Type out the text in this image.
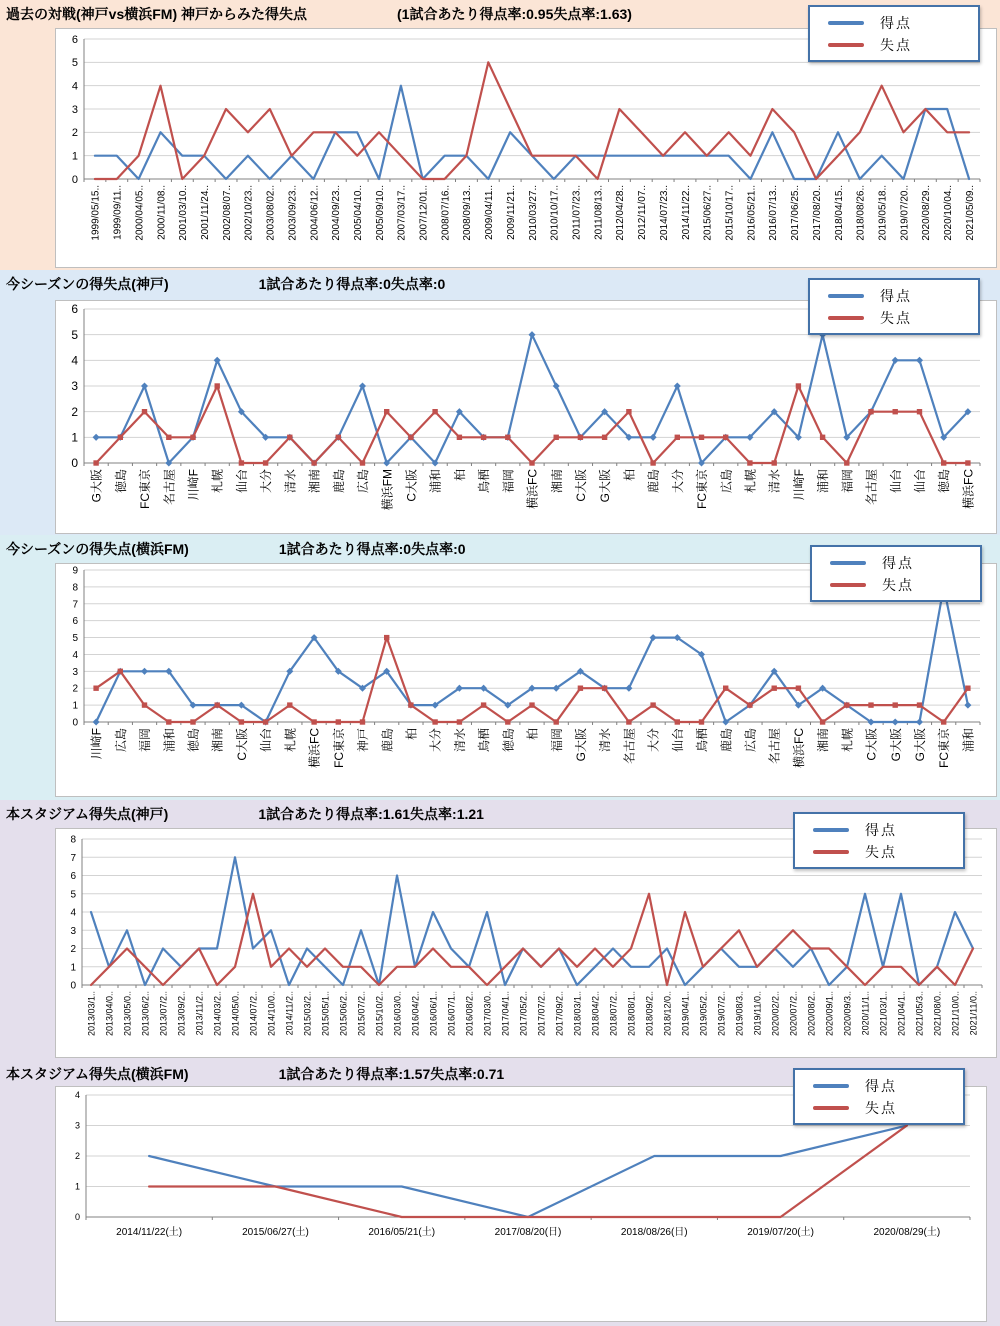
過去の対戦(神戸vs横浜FM) 神戸からみた得失点	(1試合あたり得点率:0.95失点率:1.63)
0
1
2
3
4
5
6
1999/05/15.. 1999/09/11.. 2000/04/05.. 2000/11/08.. 2001/03/10.. 2001/11/24.. 2002/08/07.. 2002/10/23.. 2003/08/02.. 2003/09/23.. 2004/06/12.. 2004/09/23.. 2005/04/10.. 2005/09/10.. 2007/03/17.. 2007/12/01.. 2008/07/16.. 2008/09/13.. 2009/04/11.. 2009/11/21.. 2010/03/27.. 2010/10/17.. 2011/07/23.. 2011/08/13.. 2012/04/28.. 2012/11/07.. 2014/07/23.. 2014/11/22.. 2015/06/27.. 2015/10/17.. 2016/05/21.. 2016/07/13.. 2017/06/25.. 2017/08/20.. 2018/04/15.. 2018/08/26.. 2019/05/18.. 2019/07/20.. 2020/08/29.. 2020/10/04.. 2021/05/09..
得点
失点
今シーズンの得失点(神戸)	1試合あたり得点率:0失点率:0
0
1
2
3
4
5
6
G大阪 徳島 FC東京 名古屋 川崎F 札幌 仙台 大分 清水 湘南 鹿島 広島 横浜FM C大阪 浦和 柏 鳥栖 福岡 横浜FC 湘南 C大阪 G大阪 柏 鹿島 大分 FC東京 広島 札幌 清水 川崎F 浦和 福岡 名古屋 仙台 仙台 徳島 横浜FC
得点
失点
今シーズンの得失点(横浜FM)	1試合あたり得点率:0失点率:0
0
1
2
3
4
5
6
7
8
9
川崎F 広島 福岡 浦和 徳島 湘南 C大阪 仙台 札幌 横浜FC FC東京 神戸 鹿島 柏 大分 清水 鳥栖 徳島 柏 福岡 G大阪 清水 名古屋 大分 仙台 鳥栖 鹿島 広島 名古屋 横浜FC 湘南 札幌 C大阪 G大阪 G大阪 FC東京 浦和
得点
失点
本スタジアム得失点(神戸)	1試合あたり得点率:1.61失点率:1.21
0
1
2
3
4
5
6
7
8
2013/03/1.. 2013/04/0.. 2013/05/0.. 2013/06/2.. 2013/07/2.. 2013/09/2.. 2013/11/2.. 2014/03/2.. 2014/05/0.. 2014/07/2.. 2014/10/0.. 2014/11/2.. 2015/03/2.. 2015/05/1.. 2015/06/2.. 2015/07/2.. 2015/10/2.. 2016/03/0.. 2016/04/2.. 2016/06/1.. 2016/07/1.. 2016/08/2.. 2017/03/0.. 2017/04/1.. 2017/05/2.. 2017/07/2.. 2017/09/2.. 2018/03/1.. 2018/04/2.. 2018/07/2.. 2018/08/1.. 2018/09/2.. 2018/12/0.. 2019/04/1.. 2019/05/2.. 2019/07/2.. 2019/08/3.. 2019/11/0.. 2020/02/2.. 2020/07/2.. 2020/08/2.. 2020/09/1.. 2020/09/3.. 2020/11/1.. 2021/03/1.. 2021/04/1.. 2021/05/3.. 2021/08/0.. 2021/10/0.. 2021/11/0..
得点
失点
本スタジアム得失点(横浜FM)	1試合あたり得点率:1.57失点率:0.71
0
1
2
3
4
2014/11/22(土)	2015/06/27(土)	2016/05/21(土)	2017/08/20(日)	2018/08/26(日)	2019/07/20(土)	2020/08/29(土)
得点
失点
